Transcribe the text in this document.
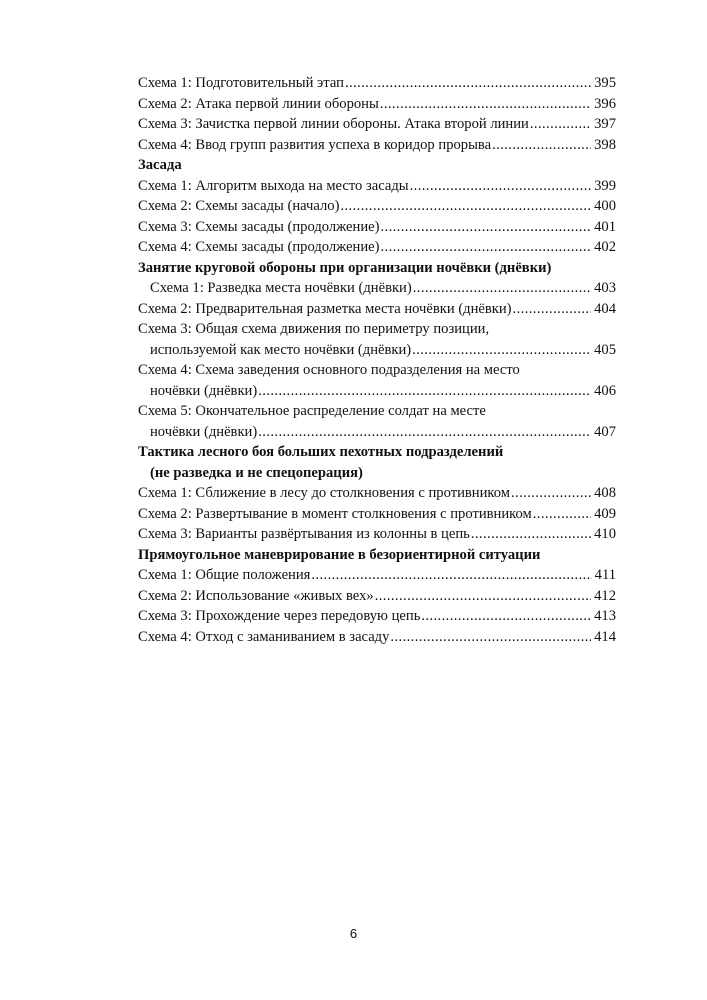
Схема 1: Подготовительный этап .....	395
Схема 2: Атака первой линии обороны .....	396
Схема 3: Зачистка первой линии обороны. Атака второй линии .....	397
Схема 4: Ввод групп развития успеха в коридор прорыва .....	398
Засада
Схема 1: Алгоритм выхода на место засады .....	399
Схема 2: Схемы засады (начало) .....	400
Схема 3: Схемы засады (продолжение) .....	401
Схема 4: Схемы засады (продолжение) .....	402
Занятие круговой обороны при организации ночёвки (днёвки)
Схема 1: Разведка места ночёвки (днёвки) .....	403
Схема 2: Предварительная разметка места ночёвки (днёвки) .....	404
Схема 3: Общая схема движения по периметру позиции,
используемой как место ночёвки (днёвки) .....	405
Схема 4: Схема заведения основного подразделения на место
ночёвки (днёвки) .....	406
Схема 5: Окончательное распределение солдат на месте
ночёвки (днёвки) .....	407
Тактика лесного боя больших пехотных подразделений
(не разведка и не спецоперация)
Схема 1: Сближение в лесу до столкновения с противником .....	408
Схема 2: Развертывание в момент столкновения с противником .....	409
Схема 3: Варианты развёртывания из колонны в цепь .....	410
Прямоугольное маневрирование в безориентирной ситуации
Схема 1: Общие положения .....	411
Схема 2: Использование «живых вех» .....	412
Схема 3: Прохождение через передовую цепь .....	413
Схема 4: Отход с заманиванием в засаду .....	414
6
